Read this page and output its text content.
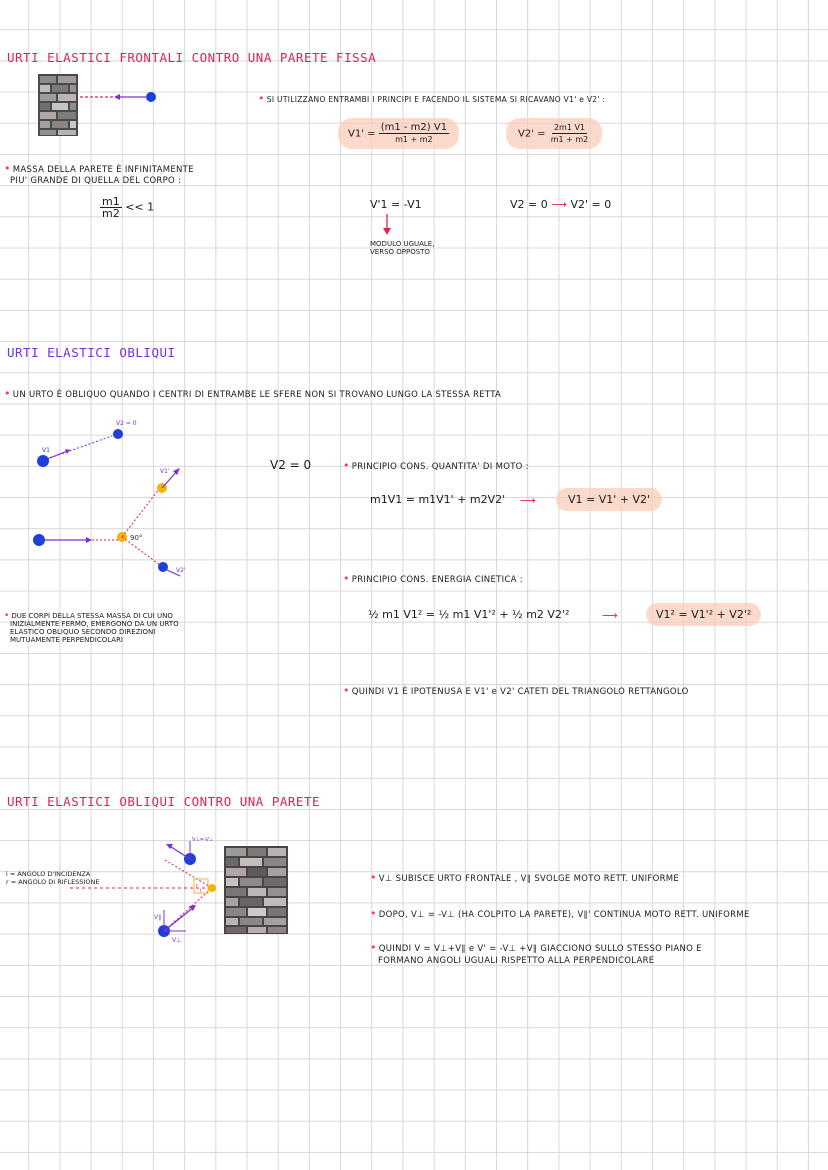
URTI ELASTICI FRONTALI CONTRO UNA PARETE FISSA
• SI UTILIZZANO ENTRAMBI I PRINCIPI E FACENDO IL SISTEMA SI RICAVANO V1' e V2' :
$V1' = \frac{(m1 - m2) V1}{m1 + m2}$	$V2' = \frac{2m1 V1}{m1 + m2}$
• MASSA DELLA PARETE È INFINITAMENTE
PIU' GRANDE DI QUELLA DEL CORPO :
$\frac{m1}{m2} << 1$	V'1 = -V1
MODULO UGUALE,
VERSO OPPOSTO
V2 = 0 ⟶ V2' = 0
URTI ELASTICI OBLIQUI
• UN URTO È OBLIQUO QUANDO I CENTRI DI ENTRAMBE LE SFERE NON SI TROVANO LUNGO LA STESSA RETTA
V2 = 0
V1
90°
V1'
V2'
V2 = 0	• PRINCIPIO CONS. QUANTITA' DI MOTO :
m1V1 = m1V1' + m2V2' ⟶	V1 = V1' + V2'
• PRINCIPIO CONS. ENERGIA CINETICA :
½ m1 V1² = ½ m1 V1'² + ½ m2 V2'²	⟶	V1² = V1'² + V2'²
• DUE CORPI DELLA STESSA MASSA DI CUI UNO
INIZIALMENTE FERMO, EMERGONO DA UN URTO
ELASTICO OBLIQUO SECONDO DIREZIONI
MUTUAMENTE PERPENDICOLARI
• QUINDI V1 È IPOTENUSA E V1' e V2' CATETI DEL TRIANGOLO RETTANGOLO
URTI ELASTICI OBLIQUI CONTRO UNA PARETE
i = ANGOLO D'INCIDENZA
r = ANGOLO DI RIFLESSIONE
V⊥=-V⊥
V∥
V⊥
r
i
• V⊥ SUBISCE URTO FRONTALE , V∥ SVOLGE MOTO RETT. UNIFORME
• DOPO, V⊥ = -V⊥ (HA COLPITO LA PARETE), V∥' CONTINUA MOTO RETT. UNIFORME
• QUINDI V = V⊥+V∥ e V' = -V⊥ +V∥ GIACCIONO SULLO STESSO PIANO E
FORMANO ANGOLI UGUALI RISPETTO ALLA PERPENDICOLARE
